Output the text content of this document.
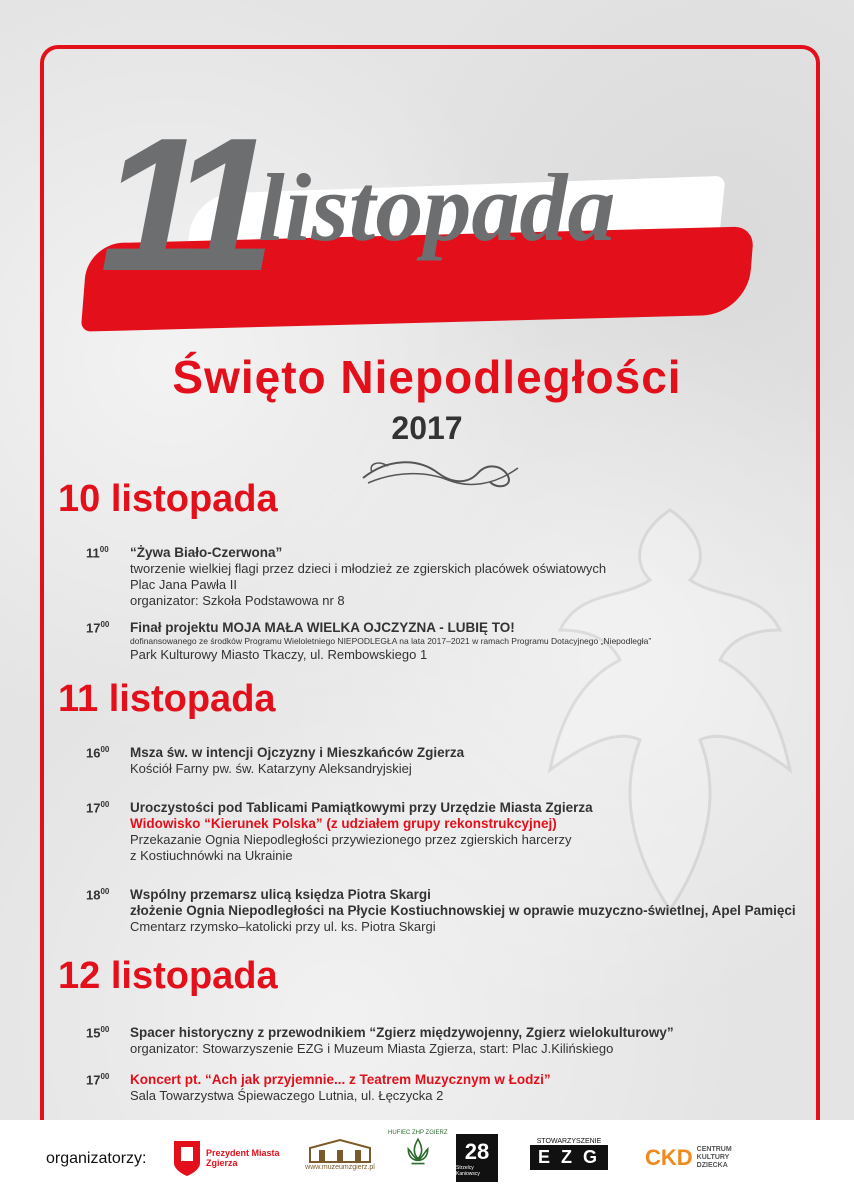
11 listopada
Święto Niepodległości
2017
10 listopada
$11^{00}$ “Żywa Biało-Czerwona”
tworzenie wielkiej flagi przez dzieci i młodzież ze zgierskich placówek oświatowych
Plac Jana Pawła II
organizator: Szkoła Podstawowa nr 8
$17^{00}$ Finał projektu MOJA MAŁA WIELKA OJCZYZNA - LUBIĘ TO!
dofinansowanego ze środków Programu Wieloletniego NIEPODLEGŁA na lata 2017–2021 w ramach Programu Dotacyjnego „Niepodległa”
Park Kulturowy Miasto Tkaczy, ul. Rembowskiego 1
11 listopada
$16^{00}$ Msza św. w intencji Ojczyzny i Mieszkańców Zgierza
Kościół Farny pw. św. Katarzyny Aleksandryjskiej
$17^{00}$ Uroczystości pod Tablicami Pamiątkowymi przy Urzędzie Miasta Zgierza
Widowisko “Kierunek Polska” (z udziałem grupy rekonstrukcyjnej)
Przekazanie Ognia Niepodległości przywiezionego przez zgierskich harcerzy
z Kostiuchnówki na Ukrainie
$18^{00}$ Wspólny przemarsz ulicą księdza Piotra Skargi
złożenie Ognia Niepodległości na Płycie Kostiuchnowskiej w oprawie muzyczno-świetlnej, Apel Pamięci
Cmentarz rzymsko–katolicki przy ul. ks. Piotra Skargi
12 listopada
$15^{00}$ Spacer historyczny z przewodnikiem “Zgierz międzywojenny, Zgierz wielokulturowy”
organizator: Stowarzyszenie EZG i Muzeum Miasta Zgierza, start: Plac J.Kilińskiego
$17^{00}$ Koncert pt. “Ach jak przyjemnie... z Teatrem Muzycznym w Łodzi”
Sala Towarzystwa Śpiewaczego Lutnia, ul. Łęczycka 2
organizatorzy:	Prezydent Miasta Zgierza	www.muzeumzgierz.pl
HUFIEC ZHP ZGIERZ
28
Strzelcy Kaniowscy
STOWARZYSZENIE
E Z G	CKD CENTRUM KULTURY DZIECKA
